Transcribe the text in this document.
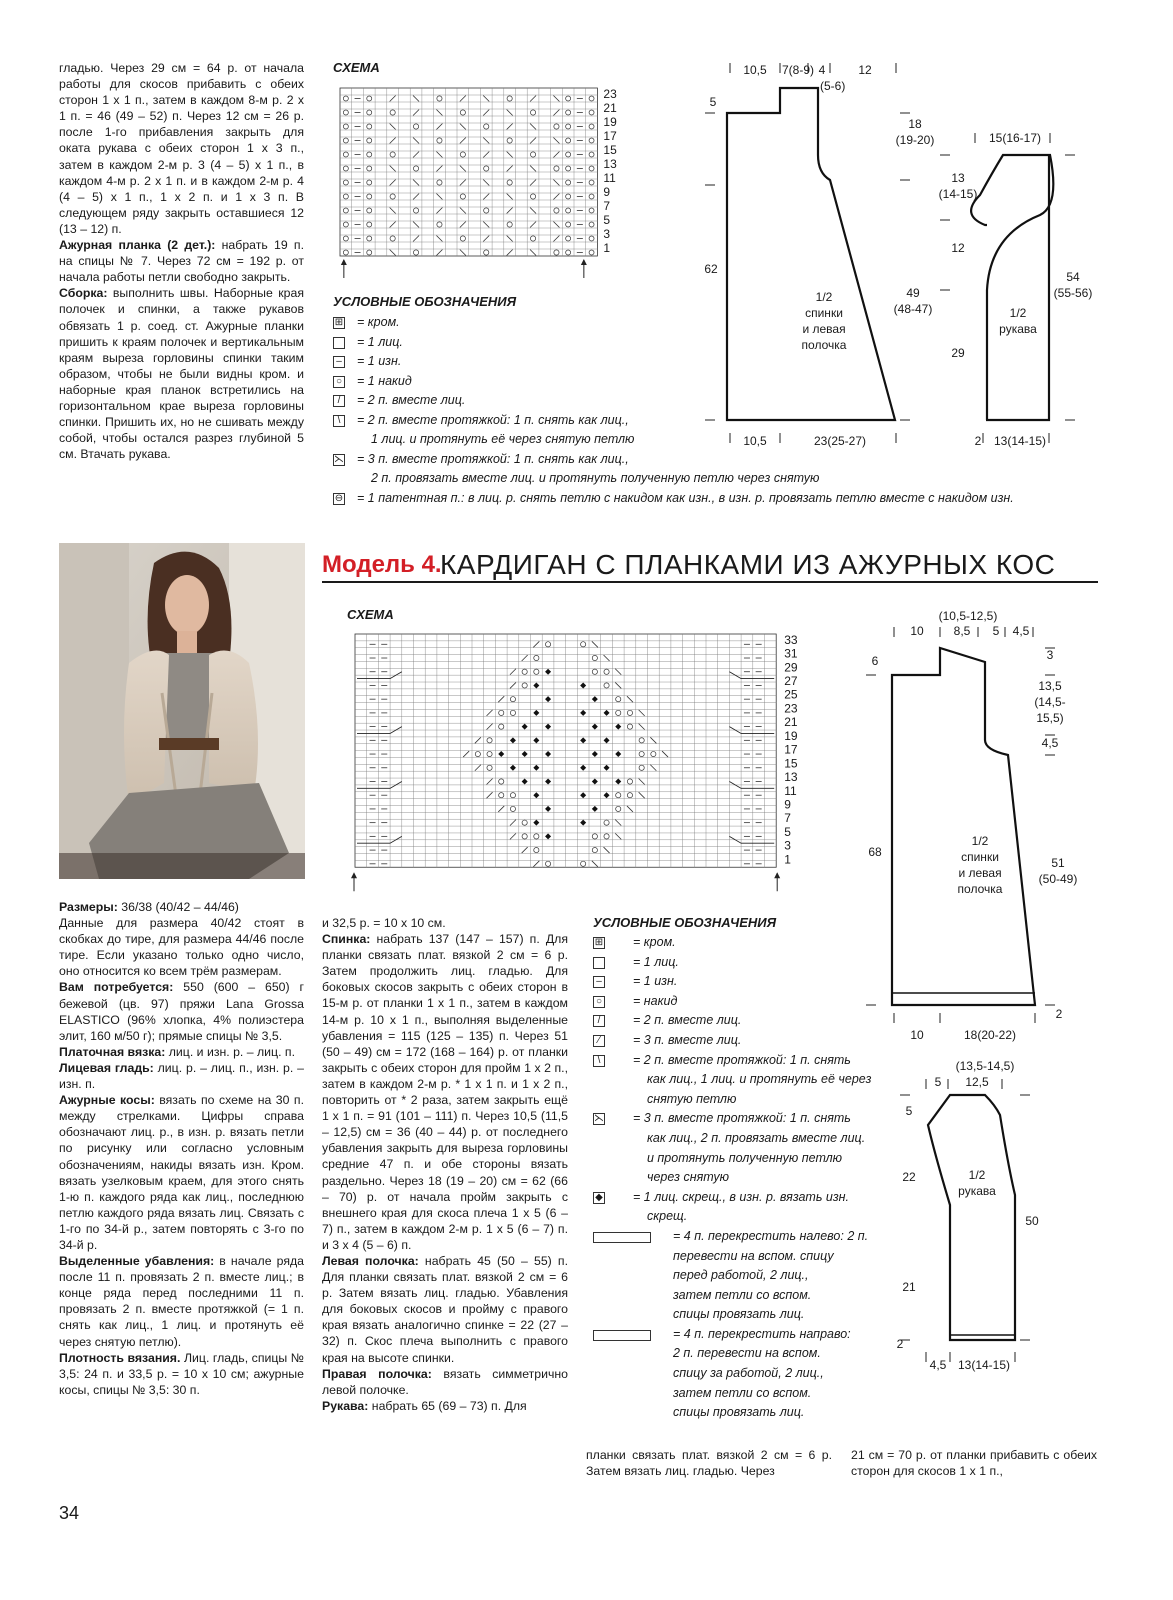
гладью. Через 29 см = 64 р. от начала работы для скосов прибавить с обеих сторон 1 х 1 п., затем в каждом 8-м р. 2 х 1 п. = 46 (49 – 52) п. Через 12 см = 26 р. после 1-го прибавления закрыть для оката рукава с обеих сторон 1 х 3 п., затем в каждом 2-м р. 3 (4 – 5) х 1 п., в каждом 4-м р. 2 х 1 п. и в каждом 2-м р. 4 (4 – 5) х 1 п., 1 х 2 п. и 1 х 3 п. В следующем ряду закрыть оставшиеся 12 (13 – 12) п.

Ажурная планка (2 дет.): набрать 19 п. на спицы № 7. Через 72 см = 192 р. от начала работы петли свободно закрыть.

Сборка: выполнить швы. Наборные края полочек и спинки, а также рукавов обвязать 1 р. соед. ст. Ажурные планки пришить к краям полочек и вертикальным краям выреза горловины спинки таким образом, чтобы не были видны кром. и наборные края планок встретились на горизонтальном крае выреза горловины спинки. Пришить их, но не сшивать между собой, чтобы остался разрез глубиной 5 см. Втачать рукава.

СХЕМА
23
21
19
17
15
13
11
9
7
5
3
1
УСЛОВНЫЕ ОБОЗНАЧЕНИЯ
⊞ = кром.
= 1 лиц.
– = 1 изн.
○ = 1 накид
/	= 2 п. вместе лиц.
\	= 2 п. вместе протяжкой: 1 п. снять как лиц.,
1 лиц. и протянуть её через снятую петлю
⋋ = 3 п. вместе протяжкой: 1 п. снять как лиц.,
2 п. провязать вместе лиц. и протянуть полученную петлю через снятую
⊖ = 1 патентная п.: в лиц. р. снять петлю с накидом как изн., в изн. р. провязать петлю вместе с накидом изн.
10,5 7(8-9) 4	12
(5-6)
5
18
(19-20)
62
49
(48-47)
1/2
спинки
и левая
полочка
10,5	23(25-27)
15(16-17)
13
(14-15)
12
29
54
(55-56)
1/2
рукава
2 13(14-15)
Модель 4.
КАРДИГАН С ПЛАНКАМИ ИЗ АЖУРНЫХ КОС
СХЕМА
33
31
29
27
25
23
21
19
17
15
13
11
9
7
5
3
1
(10,5-12,5)
10 8,5 5 4,5
6	3
13,5
(14,5-
15,5)
4,5
68
51
(50-49)
1/2
спинки
и левая
полочка
2
10	18(20-22)
(13,5-14,5)
5 12,5
5
22
21
50
2
1/2
рукава
4,5 13(14-15)

Размеры: 36/38 (40/42 – 44/46)

Данные для размера 40/42 стоят в скобках до тире, для размера 44/46 после тире. Если указано только одно число, оно относится ко всем трём размерам.

Вам потребуется: 550 (600 – 650) г бежевой (цв. 97) пряжи Lana Grossa ELASTICO (96% хлопка, 4% полиэстера элит, 160 м/50 г); прямые спицы № 3,5.

Платочная вязка: лиц. и изн. р. – лиц. п.

Лицевая гладь: лиц. р. – лиц. п., изн. р. – изн. п.

Ажурные косы: вязать по схеме на 30 п. между стрелками. Цифры справа обозначают лиц. р., в изн. р. вязать петли по рисунку или согласно условным обозначениям, накиды вязать изн. Кром. вязать узелковым краем, для этого снять 1-ю п. каждого ряда как лиц., последнюю петлю каждого ряда вязать лиц. Связать с 1-го по 34-й р., затем повторять с 3-го по 34-й р.

Выделенные убавления: в начале ряда после 11 п. провязать 2 п. вместе лиц.; в конце ряда перед последними 11 п. провязать 2 п. вместе протяжкой (= 1 п. снять как лиц., 1 лиц. и протянуть её через снятую петлю).

Плотность вязания. Лиц. гладь, спицы № 3,5: 24 п. и 33,5 р. = 10 х 10 см; ажурные косы, спицы № 3,5: 30 п.

и 32,5 р. = 10 х 10 см.

Спинка: набрать 137 (147 – 157) п. Для планки связать плат. вязкой 2 см = 6 р. Затем продолжить лиц. гладью. Для боковых скосов закрыть с обеих сторон в 15-м р. от планки 1 х 1 п., затем в каждом 14-м р. 10 х 1 п., выполняя выделенные убавления = 115 (125 – 135) п. Через 51 (50 – 49) см = 172 (168 – 164) р. от планки закрыть с обеих сторон для пройм 1 х 2 п., затем в каждом 2-м р. * 1 х 1 п. и 1 х 2 п., повторить от * 2 раза, затем закрыть ещё 1 х 1 п. = 91 (101 – 111) п. Через 10,5 (11,5 – 12,5) см = 36 (40 – 44) р. от последнего убавления закрыть для выреза горловины средние 47 п. и обе стороны вязать раздельно. Через 18 (19 – 20) см = 62 (66 – 70) р. от начала пройм закрыть с внешнего края для скоса плеча 1 х 5 (6 – 7) п., затем в каждом 2-м р. 1 х 5 (6 – 7) п. и 3 х 4 (5 – 6) п.

Левая полочка: набрать 45 (50 – 55) п. Для планки связать плат. вязкой 2 см = 6 р. Затем вязать лиц. гладью. Убавления для боковых скосов и пройму с правого края вязать аналогично спинке = 22 (27 – 32) п. Скос плеча выполнить с правого края на высоте спинки.

Правая полочка: вязать симметрично левой полочке.

Рукава: набрать 65 (69 – 73) п. Для

УСЛОВНЫЕ ОБОЗНАЧЕНИЯ
⊞ = кром.
= 1 лиц.
– = 1 изн.
○ = накид
/	= 2 п. вместе лиц.
⁄	= 3 п. вместе лиц.
\	= 2 п. вместе протяжкой: 1 п. снять
как лиц., 1 лиц. и протянуть её через
снятую петлю
⋋ = 3 п. вместе протяжкой: 1 п. снять
как лиц., 2 п. провязать вместе лиц.
и протянуть полученную петлю
через снятую
◆ = 1 лиц. скрещ., в изн. р. вязать изн.
скрещ.
= 4 п. перекрестить налево: 2 п.
перевести на вспом. спицу
перед работой, 2 лиц.,
затем петли со вспом.
спицы провязать лиц.
= 4 п. перекрестить направо:
2 п. перевести на вспом.
спицу за работой, 2 лиц.,
затем петли со вспом.
спицы провязать лиц.
планки связать плат. вязкой 2 см = 6 р. Затем вязать лиц. гладью. Через
21 см = 70 р. от планки прибавить с обеих сторон для скосов 1 х 1 п.,
34
